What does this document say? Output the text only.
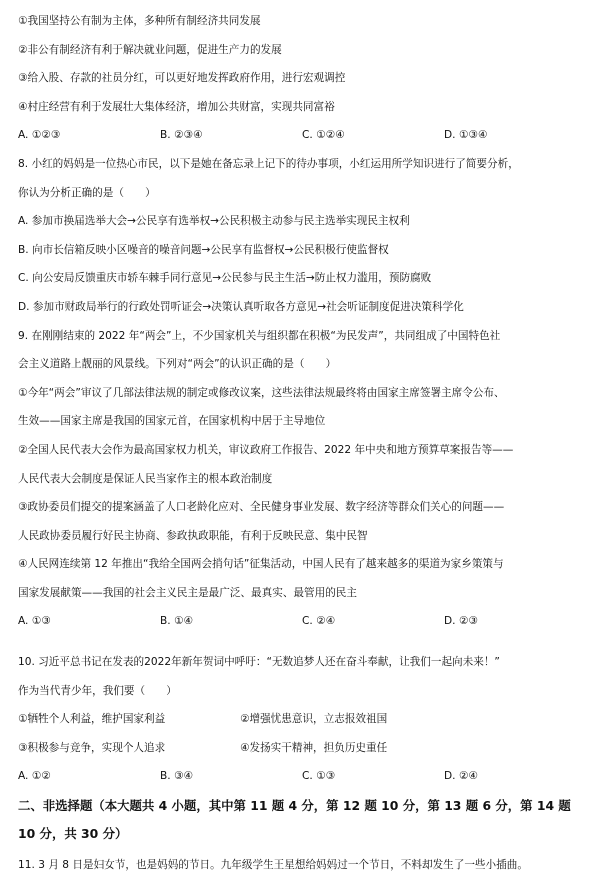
①我国坚持公有制为主体，多种所有制经济共同发展
②非公有制经济有利于解决就业问题，促进生产力的发展
③给入股、存款的社员分红，可以更好地发挥政府作用，进行宏观调控
④村庄经营有利于发展壮大集体经济，增加公共财富，实现共同富裕
A. ①②③	B. ②③④	C. ①②④	D. ①③④
8. 小红的妈妈是一位热心市民，以下是她在备忘录上记下的待办事项，小红运用所学知识进行了简要分析，
你认为分析正确的是（　　）
A. 参加市换届选举大会→公民享有选举权→公民积极主动参与民主选举实现民主权利
B. 向市长信箱反映小区噪音的噪音问题→公民享有监督权→公民积极行使监督权
C. 向公安局反馈重庆市轿车棘手同行意见→公民参与民主生活→防止权力滥用，预防腐败
D. 参加市财政局举行的行政处罚听证会→决策认真听取各方意见→社会听证制度促进决策科学化
9. 在刚刚结束的 2022 年“两会”上，不少国家机关与组织都在积极“为民发声”，共同组成了中国特色社
会主义道路上靓丽的风景线。下列对“两会”的认识正确的是（　　）
①今年“两会”审议了几部法律法规的制定或修改议案，这些法律法规最终将由国家主席签署主席令公布、
生效——国家主席是我国的国家元首，在国家机构中居于主导地位
②全国人民代表大会作为最高国家权力机关，审议政府工作报告、2022 年中央和地方预算草案报告等——
人民代表大会制度是保证人民当家作主的根本政治制度
③政协委员们提交的提案涵盖了人口老龄化应对、全民健身事业发展、数字经济等群众们关心的问题——
人民政协委员履行好民主协商、参政执政职能，有利于反映民意、集中民智
④人民网连续第 12 年推出“我给全国两会捎句话”征集活动，中国人民有了越来越多的渠道为家乡策策与
国家发展献策——我国的社会主义民主是最广泛、最真实、最管用的民主
A. ①③	B. ①④	C. ②④	D. ②③
10. 习近平总书记在发表的2022年新年贺词中呼吁：“无数追梦人还在奋斗奉献，让我们一起向未来！”
作为当代青少年，我们要（　　）
①牺牲个人利益，维护国家利益	②增强忧患意识，立志报效祖国
③积极参与竞争，实现个人追求	④发扬实干精神，担负历史重任
A. ①②	B. ③④	C. ①③	D. ②④
二、非选择题（本大题共 4 小题，其中第 11 题 4 分，第 12 题 10 分，第 13 题 6 分，第 14 题
10 分，共 30 分）
11. 3 月 8 日是妇女节，也是妈妈的节日。九年级学生王星想给妈妈过一个节日，不料却发生了一些小插曲。
